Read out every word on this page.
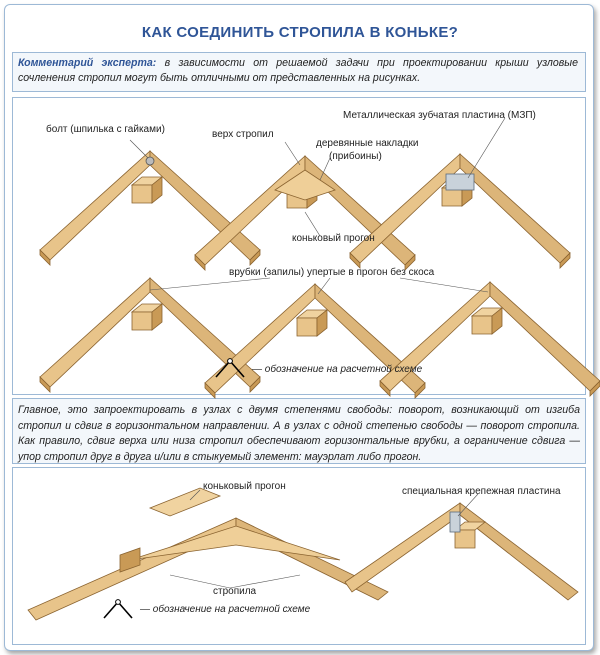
КАК СОЕДИНИТЬ СТРОПИЛА В КОНЬКЕ?
Комментарий эксперта: в зависимости от решаемой задачи при проектировании крыши узловые сочленения стропил могут быть отличными от представленных на рисунках.
Главное, это запроектировать в узлах с двумя степенями свободы: поворот, возникающий от изгиба стропил и сдвиг в горизонтальном направлении. А в узлах с одной степенью свободы — поворот стропила. Как правило, сдвиг верха или низа стропил обеспечивают горизонтальные врубки, а ограничение сдвига — упор стропил друг в друга и/или в стыкуемый элемент: мауэрлат либо прогон.
болт (шпилька с гайками)	верх стропил
деревянные накладки
(прибоины)
Металлическая зубчатая пластина (МЗП)
коньковый прогон
врубки (запилы) упертые в прогон без скоса
— обозначение на расчетной схеме
коньковый прогон	специальная крепежная пластина
стропила
— обозначение на расчетной схеме
